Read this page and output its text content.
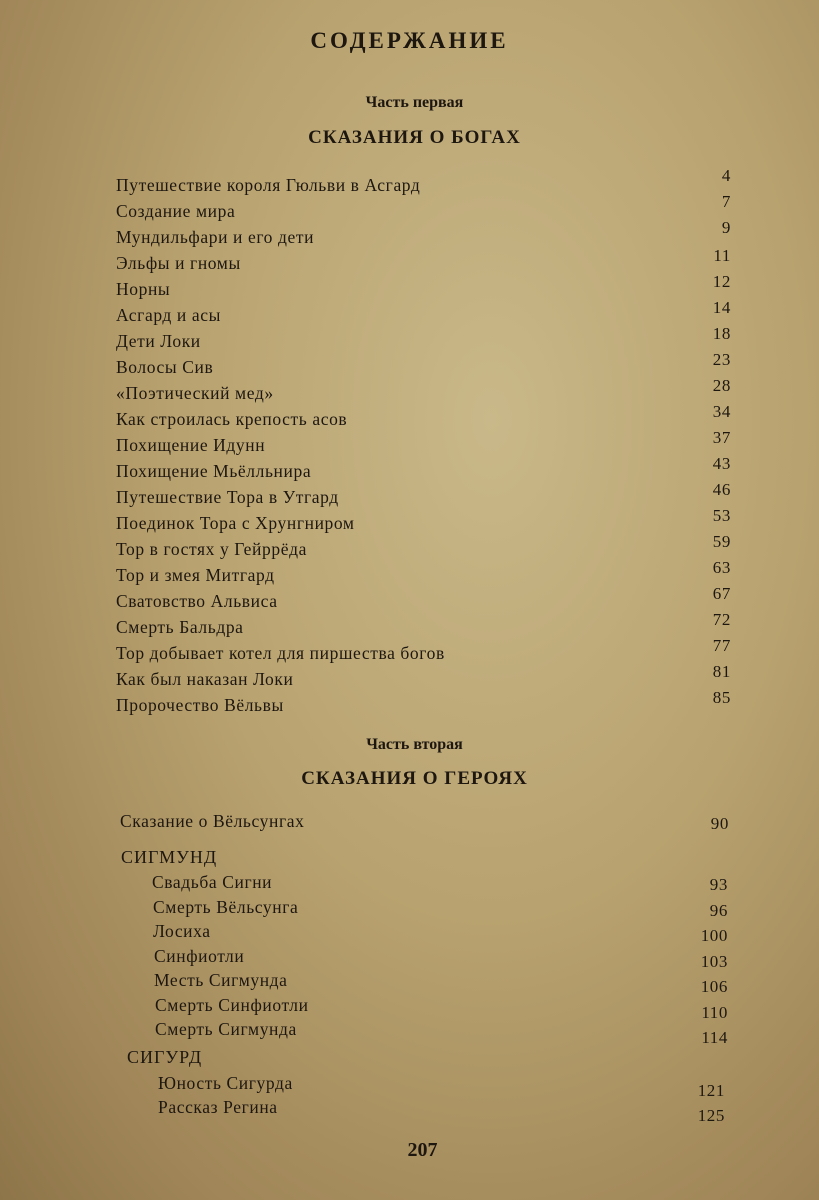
СОДЕРЖАНИЕ
Часть первая
СКАЗАНИЯ О БОГАХ
Путешествие короля Гюльви в Асгард	4
Создание мира	7
Мундильфари и его дети	9
Эльфы и гномы	11
Норны	12
Асгард и асы	14
Дети Локи	18
Волосы Сив	23
«Поэтический мед»	28
Как строилась крепость асов	34
Похищение Идунн	37
Похищение Мьёлльнира	43
Путешествие Тора в Утгард	46
Поединок Тора с Хрунгниром	53
Тор в гостях у Гейррёда	59
Тор и змея Митгард	63
Сватовство Альвиса	67
Смерть Бальдра	72
Тор добывает котел для пиршества богов	77
Как был наказан Локи	81
Пророчество Вёльвы	85
Часть вторая
СКАЗАНИЯ О ГЕРОЯХ
Сказание о Вёльсунгах	90
СИГМУНД
Свадьба Сигни	93
Смерть Вёльсунга	96
Лосиха	100
Синфиотли	103
Месть Сигмунда	106
Смерть Синфиотли	110
Смерть Сигмунда	114
СИГУРД
Юность Сигурда	121
Рассказ Регина	125
207
